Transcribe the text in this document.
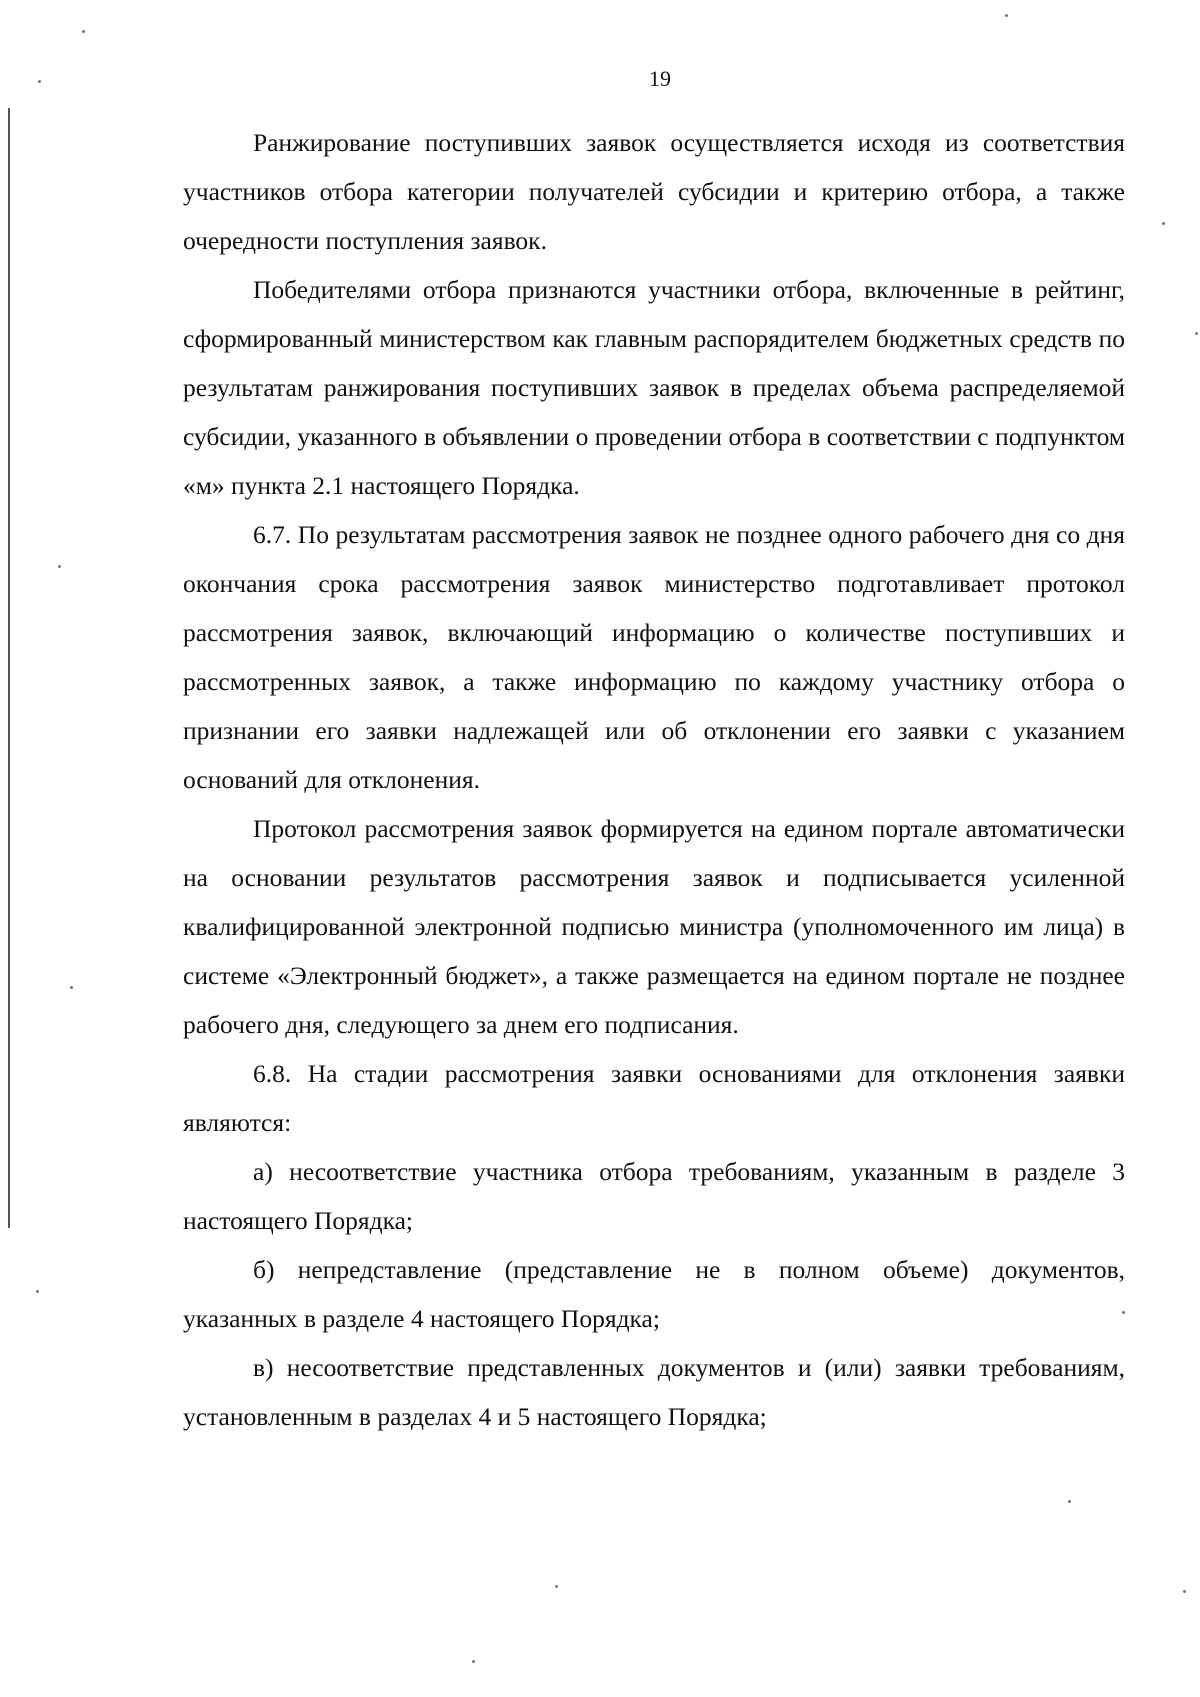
19

Ранжирование поступивших заявок осуществляется исходя из соответствия участников отбора категории получателей субсидии и критерию отбора, а также очередности поступления заявок.

Победителями отбора признаются участники отбора, включенные в рейтинг, сформированный министерством как главным распорядителем бюджетных средств по результатам ранжирования поступивших заявок в пределах объема распределяемой субсидии, указанного в объявлении о проведении отбора в соответствии с подпунктом «м» пункта 2.1 настоящего Порядка.

6.7. По результатам рассмотрения заявок не позднее одного рабочего дня со дня окончания срока рассмотрения заявок министерство подготавливает протокол рассмотрения заявок, включающий информацию о количестве поступивших и рассмотренных заявок, а также информацию по каждому участнику отбора о признании его заявки надлежащей или об отклонении его заявки с указанием оснований для отклонения.

Протокол рассмотрения заявок формируется на едином портале автоматически на основании результатов рассмотрения заявок и подписывается усиленной квалифицированной электронной подписью министра (уполномоченного им лица) в системе «Электронный бюджет», а также размещается на едином портале не позднее рабочего дня, следующего за днем его подписания.

6.8. На стадии рассмотрения заявки основаниями для отклонения заявки являются:

а) несоответствие участника отбора требованиям, указанным в разделе 3 настоящего Порядка;

б) непредставление (представление не в полном объеме) документов, указанных в разделе 4 настоящего Порядка;

в) несоответствие представленных документов и (или) заявки требованиям, установленным в разделах 4 и 5 настоящего Порядка;
